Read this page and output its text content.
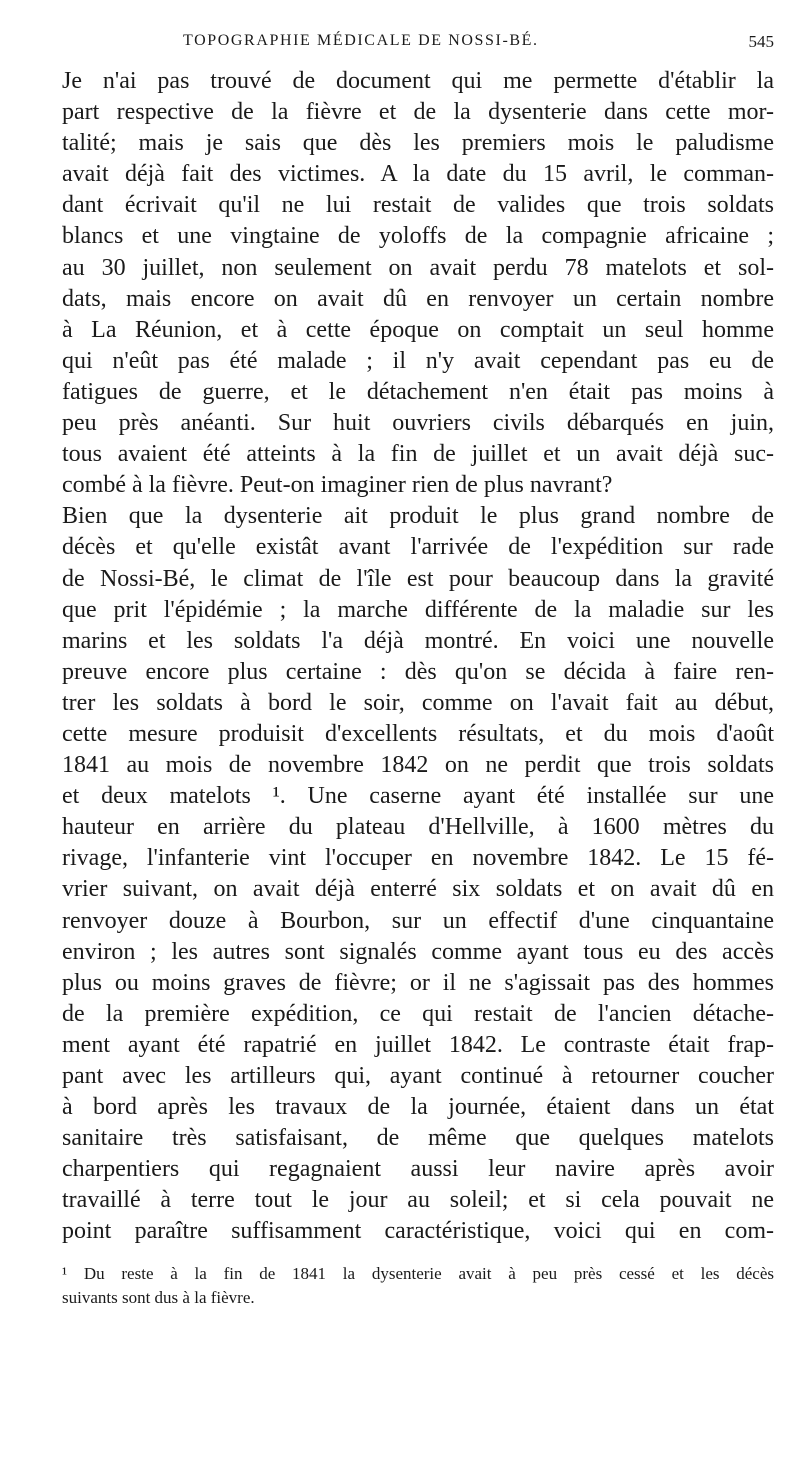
TOPOGRAPHIE MÉDICALE DE NOSSI-BÉ.	545
Je n'ai pas trouvé de document qui me permette d'établir la
part respective de la fièvre et de la dysenterie dans cette mor-
talité; mais je sais que dès les premiers mois le paludisme
avait déjà fait des victimes. A la date du 15 avril, le comman-
dant écrivait qu'il ne lui restait de valides que trois soldats
blancs et une vingtaine de yoloffs de la compagnie africaine ;
au 30 juillet, non seulement on avait perdu 78 matelots et sol-
dats, mais encore on avait dû en renvoyer un certain nombre
à La Réunion, et à cette époque on comptait un seul homme
qui n'eût pas été malade ; il n'y avait cependant pas eu de
fatigues de guerre, et le détachement n'en était pas moins à
peu près anéanti. Sur huit ouvriers civils débarqués en juin,
tous avaient été atteints à la fin de juillet et un avait déjà suc-
combé à la fièvre. Peut-on imaginer rien de plus navrant?
Bien que la dysenterie ait produit le plus grand nombre de
décès et qu'elle existât avant l'arrivée de l'expédition sur rade
de Nossi-Bé, le climat de l'île est pour beaucoup dans la gravité
que prit l'épidémie ; la marche différente de la maladie sur les
marins et les soldats l'a déjà montré. En voici une nouvelle
preuve encore plus certaine : dès qu'on se décida à faire ren-
trer les soldats à bord le soir, comme on l'avait fait au début,
cette mesure produisit d'excellents résultats, et du mois d'août
1841 au mois de novembre 1842 on ne perdit que trois soldats
et deux matelots ¹. Une caserne ayant été installée sur une
hauteur en arrière du plateau d'Hellville, à 1600 mètres du
rivage, l'infanterie vint l'occuper en novembre 1842. Le 15 fé-
vrier suivant, on avait déjà enterré six soldats et on avait dû en
renvoyer douze à Bourbon, sur un effectif d'une cinquantaine
environ ; les autres sont signalés comme ayant tous eu des accès
plus ou moins graves de fièvre; or il ne s'agissait pas des hommes
de la première expédition, ce qui restait de l'ancien détache-
ment ayant été rapatrié en juillet 1842. Le contraste était frap-
pant avec les artilleurs qui, ayant continué à retourner coucher
à bord après les travaux de la journée, étaient dans un état
sanitaire très satisfaisant, de même que quelques matelots
charpentiers qui regagnaient aussi leur navire après avoir
travaillé à terre tout le jour au soleil; et si cela pouvait ne
point paraître suffisamment caractéristique, voici qui en com-
¹ Du reste à la fin de 1841 la dysenterie avait à peu près cessé et les décès
suivants sont dus à la fièvre.
